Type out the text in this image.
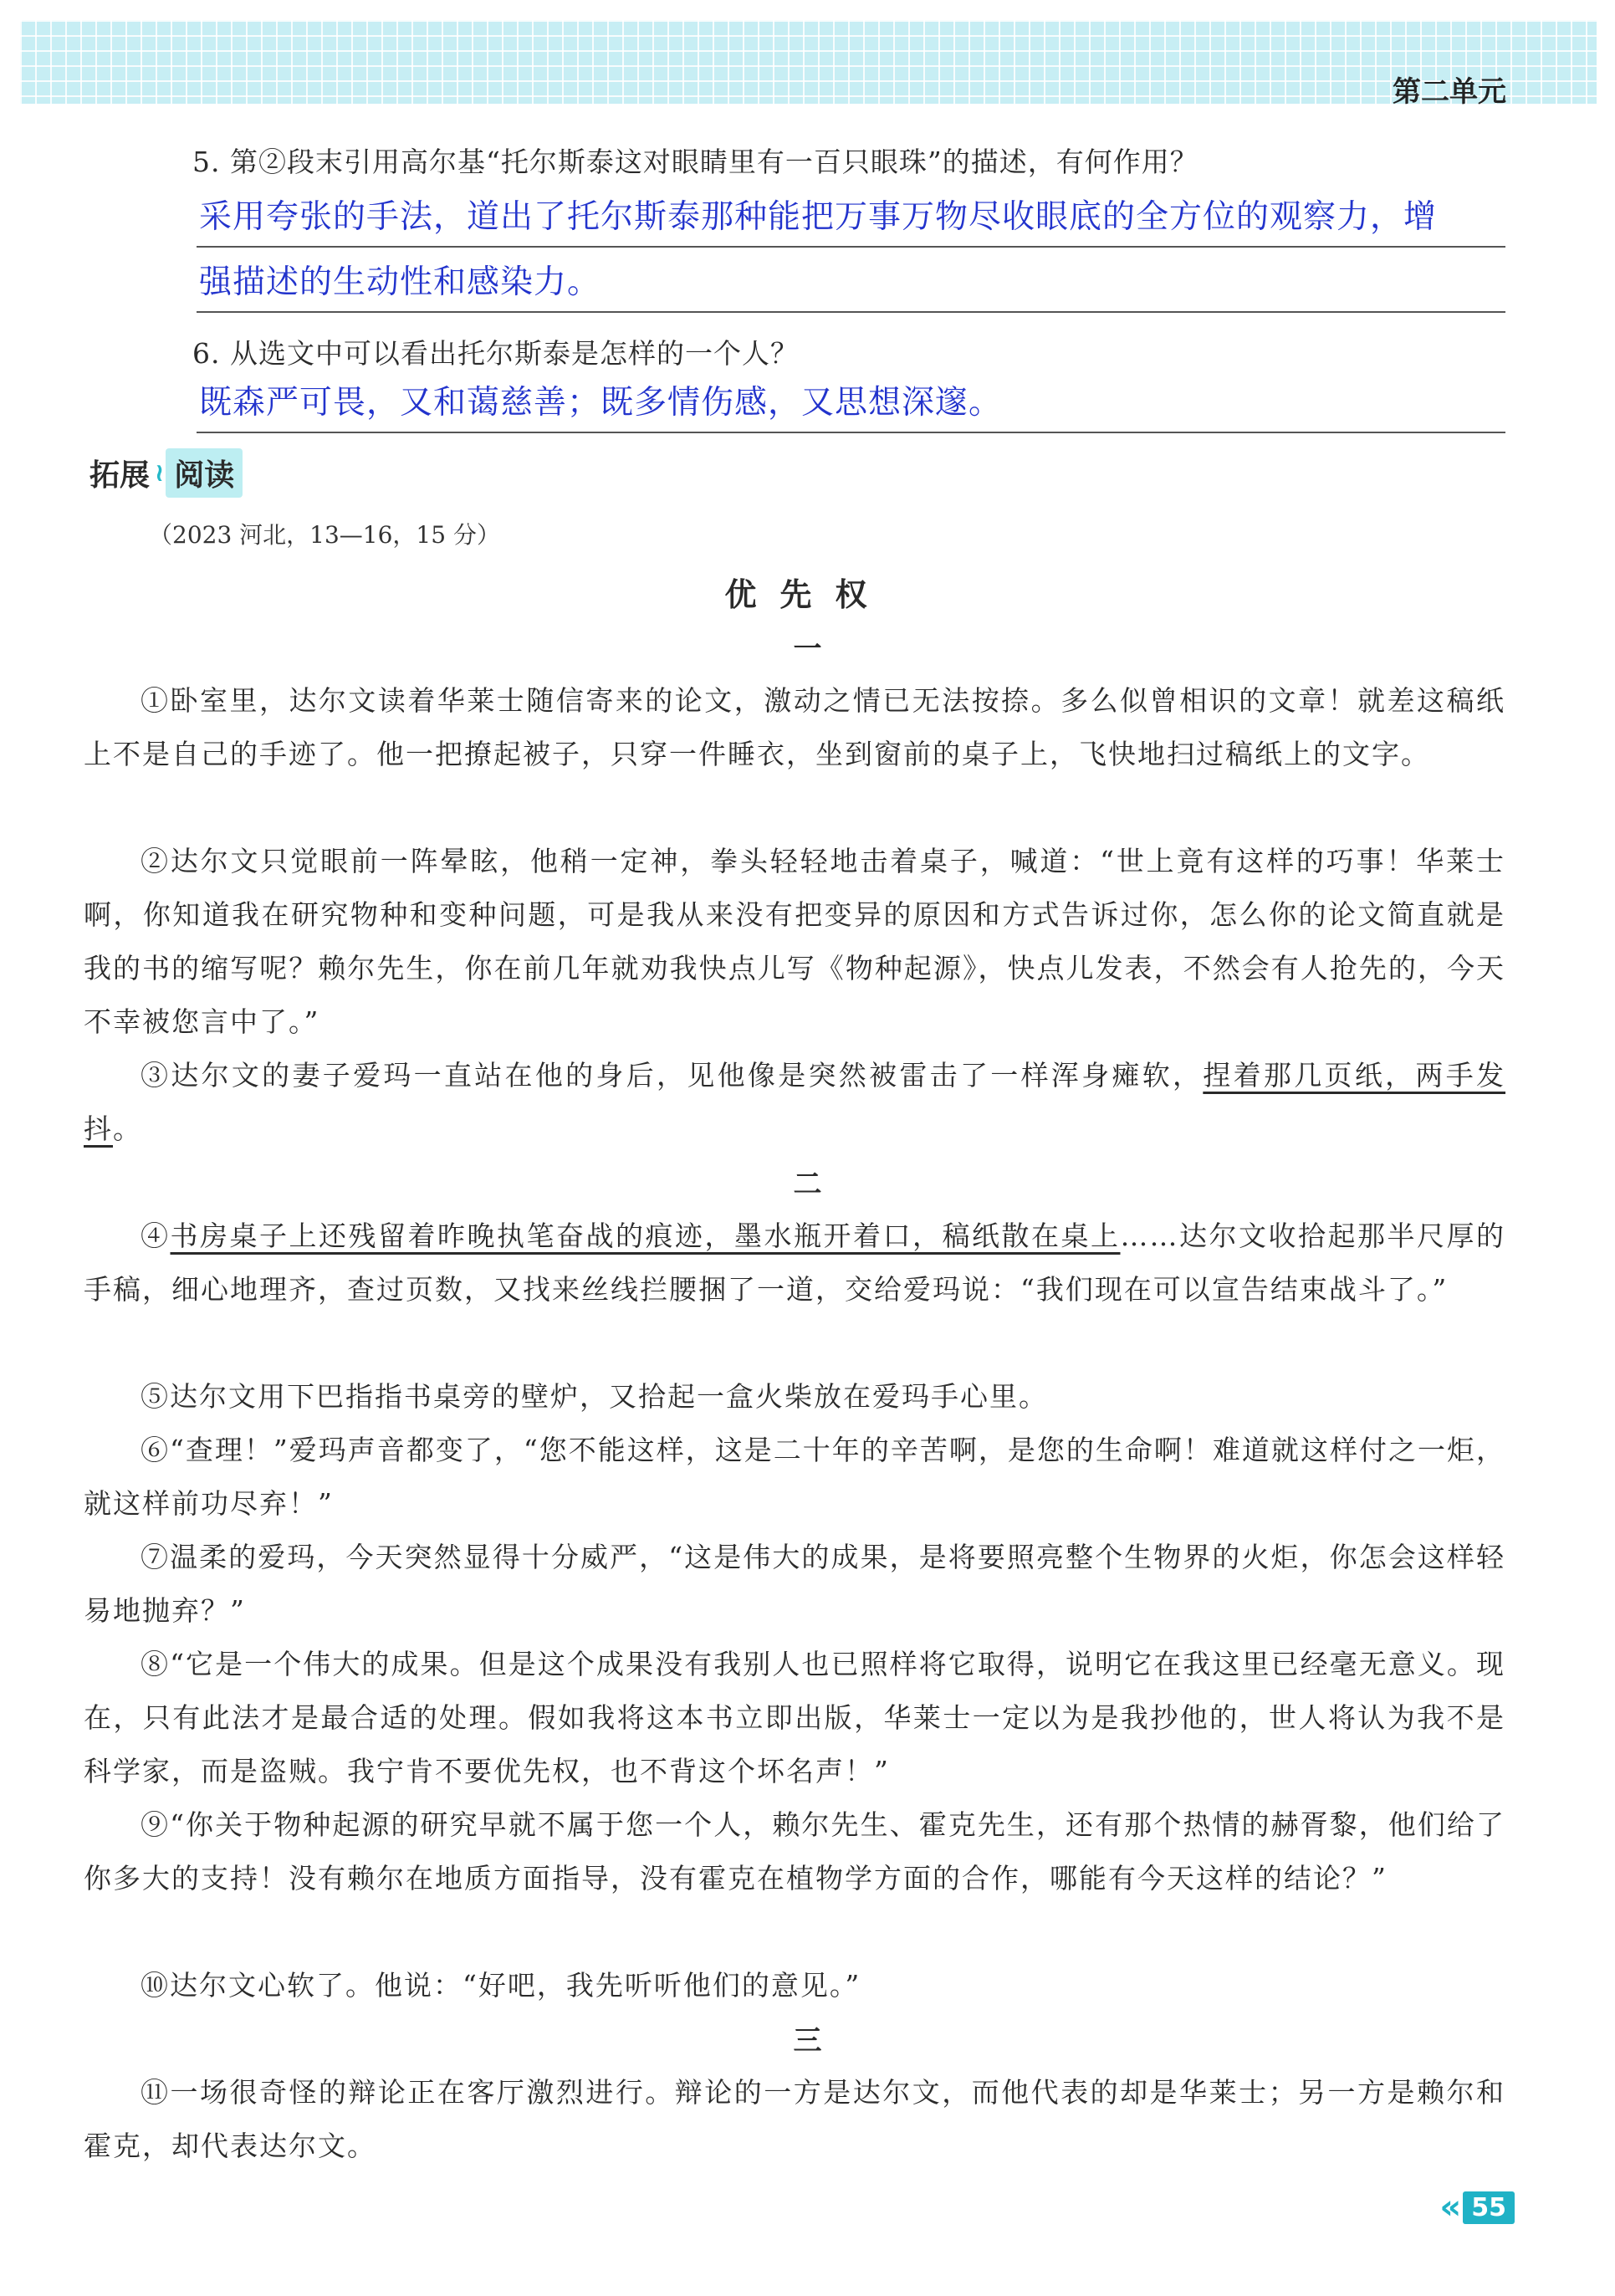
第二单元
5. 第②段末引用高尔基“托尔斯泰这对眼睛里有一百只眼珠”的描述，有何作用？
采用夸张的手法，道出了托尔斯泰那种能把万事万物尽收眼底的全方位的观察力，增
强描述的生动性和感染力。
6. 从选文中可以看出托尔斯泰是怎样的一个人？
既森严可畏，又和蔼慈善；既多情伤感，又思想深邃。
拓展 ≀ 阅读
（2023 河北，13—16，15 分）
优先权
一
①卧室里，达尔文读着华莱士随信寄来的论文，激动之情已无法按捺。多么似曾相识的文章！就差这稿纸上不是自己的手迹了。他一把撩起被子，只穿一件睡衣，坐到窗前的桌子上，飞快地扫过稿纸上的文字。
②达尔文只觉眼前一阵晕眩，他稍一定神，拳头轻轻地击着桌子，喊道：“世上竟有这样的巧事！华莱士啊，你知道我在研究物种和变种问题，可是我从来没有把变异的原因和方式告诉过你，怎么你的论文简直就是我的书的缩写呢？赖尔先生，你在前几年就劝我快点儿写《物种起源》，快点儿发表，不然会有人抢先的，今天不幸被您言中了。”
③达尔文的妻子爱玛一直站在他的身后，见他像是突然被雷击了一样浑身瘫软，捏着那几页纸，两手发抖。
二
④书房桌子上还残留着昨晚执笔奋战的痕迹，墨水瓶开着口，稿纸散在桌上……达尔文收拾起那半尺厚的手稿，细心地理齐，查过页数，又找来丝线拦腰捆了一道，交给爱玛说：“我们现在可以宣告结束战斗了。”
⑤达尔文用下巴指指书桌旁的壁炉，又拾起一盒火柴放在爱玛手心里。
⑥“查理！”爱玛声音都变了，“您不能这样，这是二十年的辛苦啊，是您的生命啊！难道就这样付之一炬，就这样前功尽弃！”
⑦温柔的爱玛，今天突然显得十分威严，“这是伟大的成果，是将要照亮整个生物界的火炬，你怎会这样轻易地抛弃？”
⑧“它是一个伟大的成果。但是这个成果没有我别人也已照样将它取得，说明它在我这里已经毫无意义。现在，只有此法才是最合适的处理。假如我将这本书立即出版，华莱士一定以为是我抄他的，世人将认为我不是科学家，而是盗贼。我宁肯不要优先权，也不背这个坏名声！”
⑨“你关于物种起源的研究早就不属于您一个人，赖尔先生、霍克先生，还有那个热情的赫胥黎，他们给了你多大的支持！没有赖尔在地质方面指导，没有霍克在植物学方面的合作，哪能有今天这样的结论？”
⑩达尔文心软了。他说：“好吧，我先听听他们的意见。”
三
⑪一场很奇怪的辩论正在客厅激烈进行。辩论的一方是达尔文，而他代表的却是华莱士；另一方是赖尔和霍克，却代表达尔文。
« 55
